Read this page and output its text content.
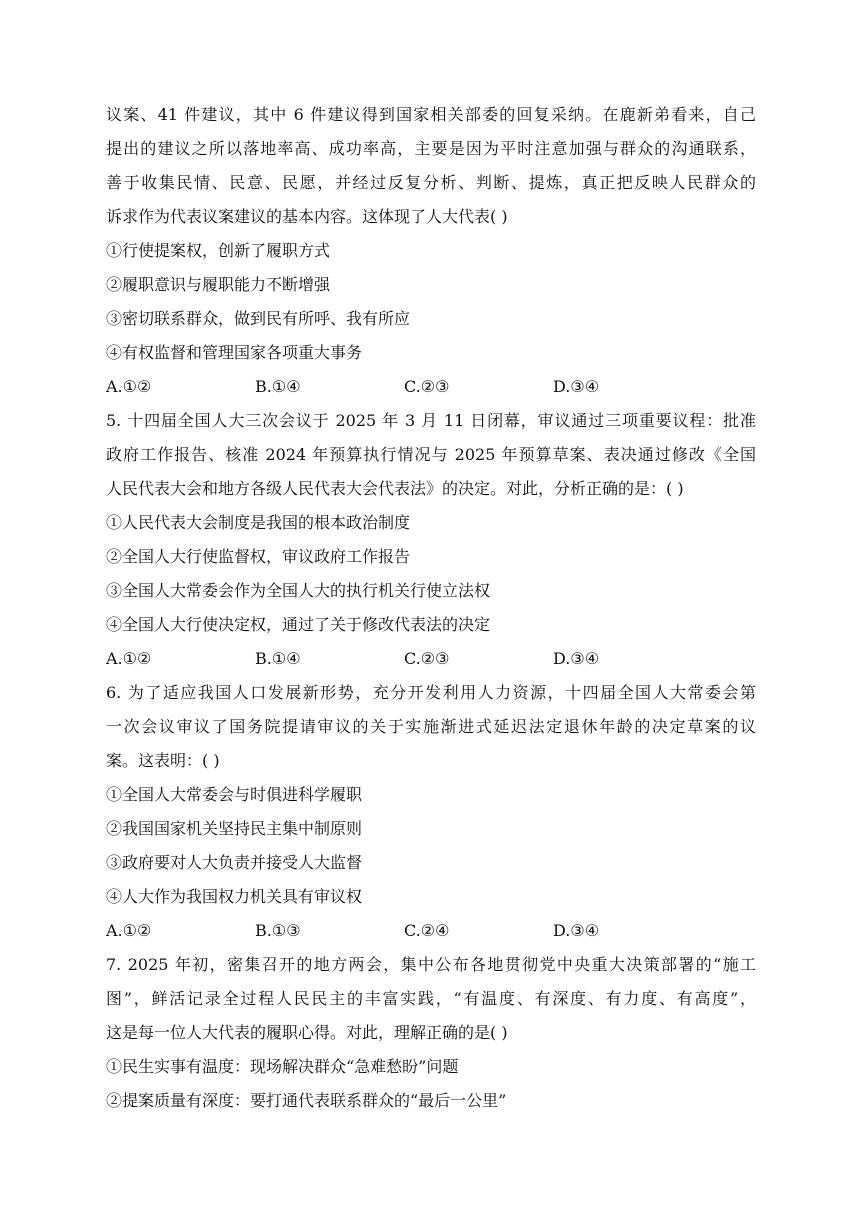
议案、41 件建议，其中 6 件建议得到国家相关部委的回复采纳。在鹿新弟看来，自己
提出的建议之所以落地率高、成功率高，主要是因为平时注意加强与群众的沟通联系，
善于收集民情、民意、民愿，并经过反复分析、判断、提炼，真正把反映人民群众的
诉求作为代表议案建议的基本内容。这体现了人大代表( )
①行使提案权，创新了履职方式
②履职意识与履职能力不断增强
③密切联系群众，做到民有所呼、我有所应
④有权监督和管理国家各项重大事务
A.①②	B.①④	C.②③	D.③④
5. 十四届全国人大三次会议于 2025 年 3 月 11 日闭幕，审议通过三项重要议程：批准
政府工作报告、核准 2024 年预算执行情况与 2025 年预算草案、表决通过修改《全国
人民代表大会和地方各级人民代表大会代表法》的决定。对此，分析正确的是：( )
①人民代表大会制度是我国的根本政治制度
②全国人大行使监督权，审议政府工作报告
③全国人大常委会作为全国人大的执行机关行使立法权
④全国人大行使决定权，通过了关于修改代表法的决定
A.①②	B.①④	C.②③	D.③④
6. 为了适应我国人口发展新形势，充分开发利用人力资源，十四届全国人大常委会第
一次会议审议了国务院提请审议的关于实施渐进式延迟法定退休年龄的决定草案的议
案。这表明：( )
①全国人大常委会与时俱进科学履职
②我国国家机关坚持民主集中制原则
③政府要对人大负责并接受人大监督
④人大作为我国权力机关具有审议权
A.①②	B.①③	C.②④	D.③④
7. 2025 年初，密集召开的地方两会，集中公布各地贯彻党中央重大决策部署的“施工
图”，鲜活记录全过程人民民主的丰富实践，“有温度、有深度、有力度、有高度”，
这是每一位人大代表的履职心得。对此，理解正确的是( )
①民生实事有温度：现场解决群众“急难愁盼”问题
②提案质量有深度：要打通代表联系群众的“最后一公里”
